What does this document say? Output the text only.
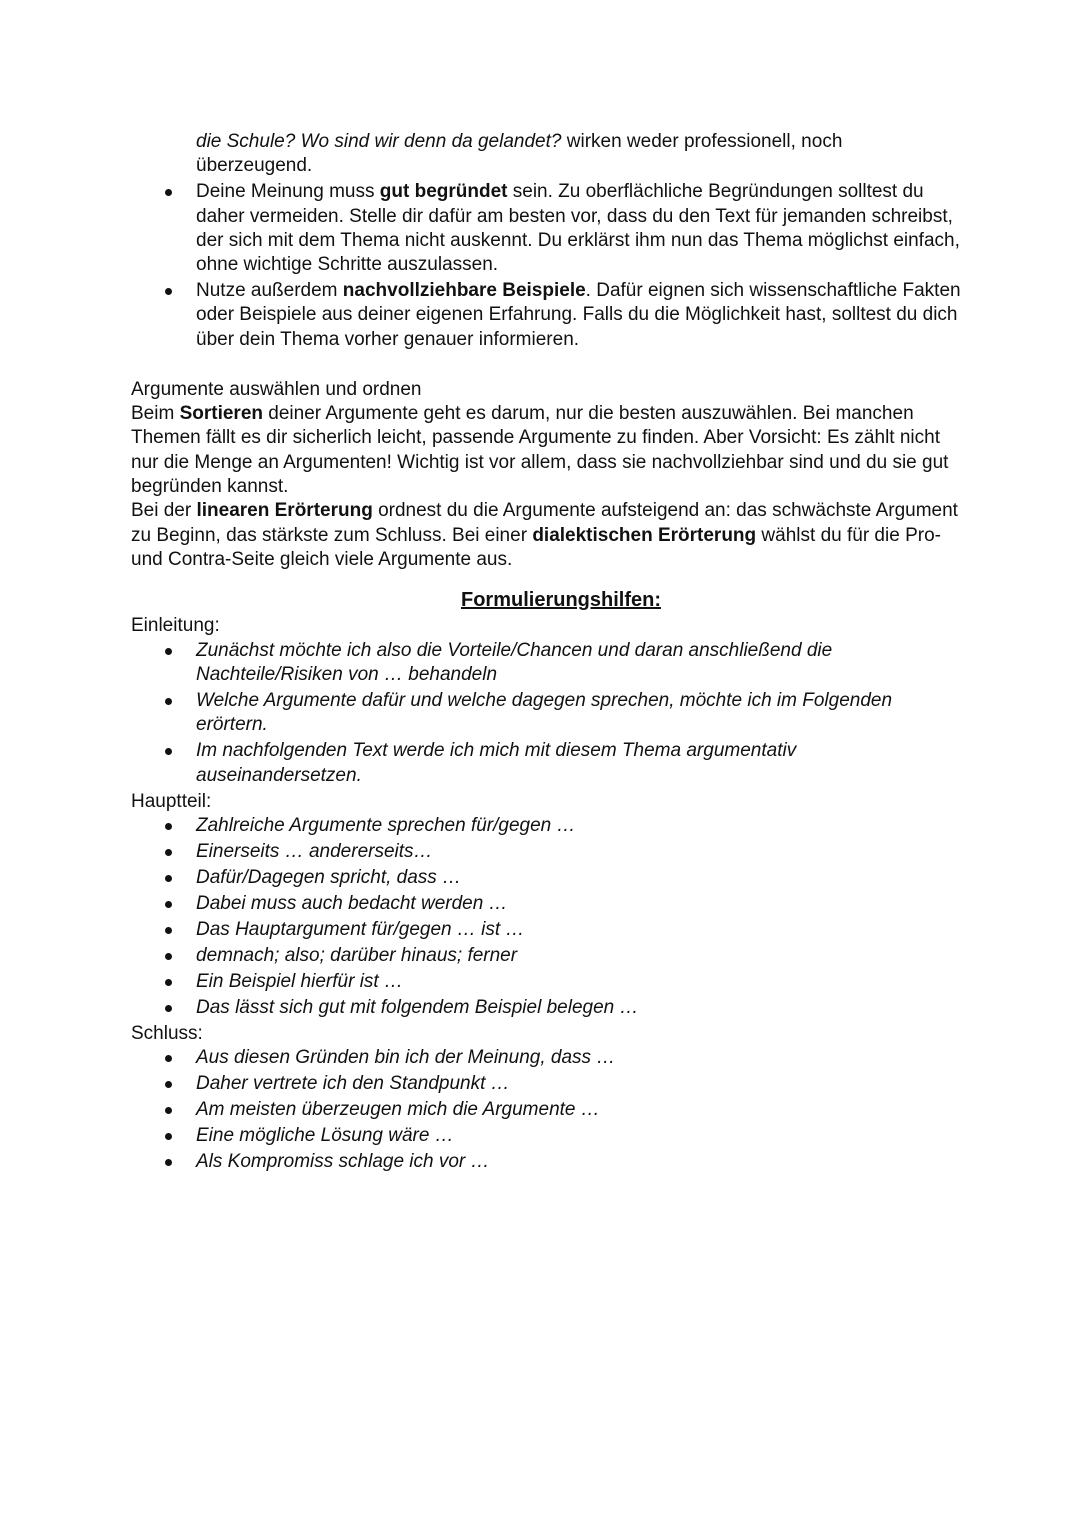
die Schule? Wo sind wir denn da gelandet? wirken weder professionell, noch überzeugend.
Deine Meinung muss gut begründet sein. Zu oberflächliche Begründungen solltest du daher vermeiden. Stelle dir dafür am besten vor, dass du den Text für jemanden schreibst, der sich mit dem Thema nicht auskennt. Du erklärst ihm nun das Thema möglichst einfach, ohne wichtige Schritte auszulassen.
Nutze außerdem nachvollziehbare Beispiele. Dafür eignen sich wissenschaftliche Fakten oder Beispiele aus deiner eigenen Erfahrung. Falls du die Möglichkeit hast, solltest du dich über dein Thema vorher genauer informieren.

Argumente auswählen und ordnen

Beim Sortieren deiner Argumente geht es darum, nur die besten auszuwählen. Bei manchen Themen fällt es dir sicherlich leicht, passende Argumente zu finden. Aber Vorsicht: Es zählt nicht nur die Menge an Argumenten! Wichtig ist vor allem, dass sie nachvollziehbar sind und du sie gut begründen kannst.

Bei der linearen Erörterung ordnest du die Argumente aufsteigend an: das schwächste Argument zu Beginn, das stärkste zum Schluss. Bei einer dialektischen Erörterung wählst du für die Pro- und Contra-Seite gleich viele Argumente aus.

Formulierungshilfen:

Einleitung:

Zunächst möchte ich also die Vorteile/Chancen und daran anschließend die Nachteile/Risiken von … behandeln
Welche Argumente dafür und welche dagegen sprechen, möchte ich im Folgenden erörtern.
Im nachfolgenden Text werde ich mich mit diesem Thema argumentativ auseinandersetzen.

Hauptteil:

Zahlreiche Argumente sprechen für/gegen …
Einerseits … andererseits…
Dafür/Dagegen spricht, dass …
Dabei muss auch bedacht werden …
Das Hauptargument für/gegen … ist …
demnach; also; darüber hinaus; ferner
Ein Beispiel hierfür ist …
Das lässt sich gut mit folgendem Beispiel belegen …

Schluss:

Aus diesen Gründen bin ich der Meinung, dass …
Daher vertrete ich den Standpunkt …
Am meisten überzeugen mich die Argumente …
Eine mögliche Lösung wäre …
Als Kompromiss schlage ich vor …
